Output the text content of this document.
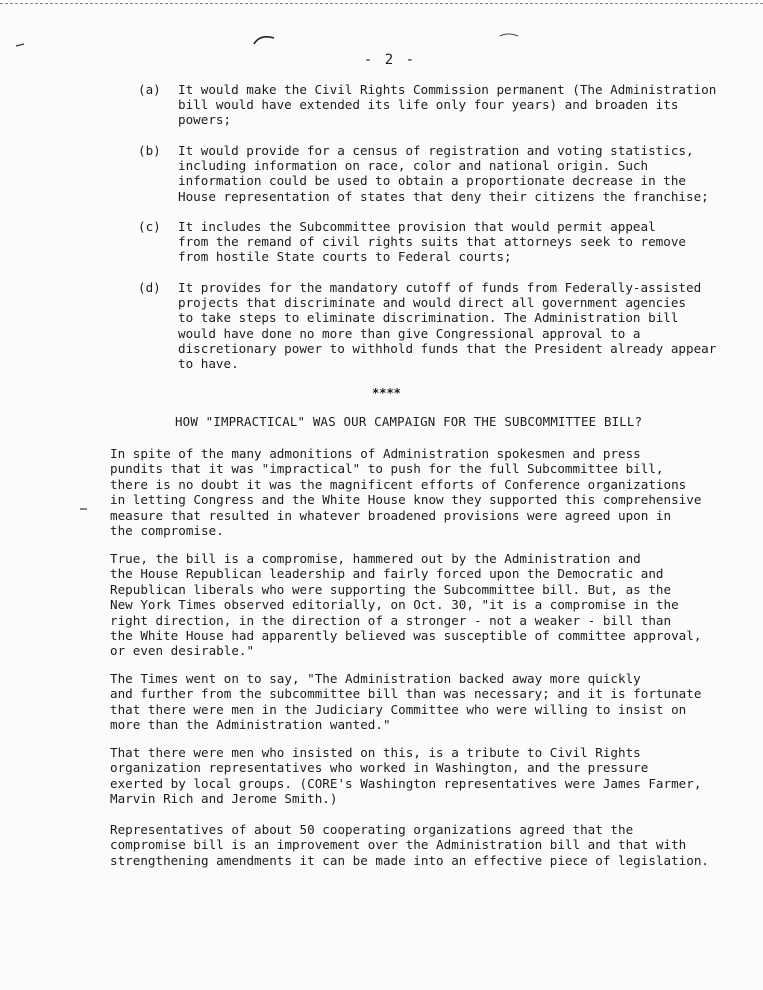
- 2 -
(a) It would make the Civil Rights Commission permanent (The Administration
bill would have extended its life only four years) and broaden its
powers;
(b) It would provide for a census of registration and voting statistics,
including information on race, color and national origin. Such
information could be used to obtain a proportionate decrease in the
House representation of states that deny their citizens the franchise;
(c) It includes the Subcommittee provision that would permit appeal
from the remand of civil rights suits that attorneys seek to remove
from hostile State courts to Federal courts;
(d) It provides for the mandatory cutoff of funds from Federally-assisted
projects that discriminate and would direct all government agencies
to take steps to eliminate discrimination. The Administration bill
would have done no more than give Congressional approval to a
discretionary power to withhold funds that the President already appear
to have.
****
HOW "IMPRACTICAL" WAS OUR CAMPAIGN FOR THE SUBCOMMITTEE BILL?
In spite of the many admonitions of Administration spokesmen and press
pundits that it was "impractical" to push for the full Subcommittee bill,
there is no doubt it was the magnificent efforts of Conference organizations
in letting Congress and the White House know they supported this comprehensive
measure that resulted in whatever broadened provisions were agreed upon in
the compromise.
True, the bill is a compromise, hammered out by the Administration and
the House Republican leadership and fairly forced upon the Democratic and
Republican liberals who were supporting the Subcommittee bill. But, as the
New York Times observed editorially, on Oct. 30, "it is a compromise in the
right direction, in the direction of a stronger - not a weaker - bill than
the White House had apparently believed was susceptible of committee approval,
or even desirable."
The Times went on to say, "The Administration backed away more quickly
and further from the subcommittee bill than was necessary; and it is fortunate
that there were men in the Judiciary Committee who were willing to insist on
more than the Administration wanted."
That there were men who insisted on this, is a tribute to Civil Rights
organization representatives who worked in Washington, and the pressure
exerted by local groups. (CORE's Washington representatives were James Farmer,
Marvin Rich and Jerome Smith.)
Representatives of about 50 cooperating organizations agreed that the
compromise bill is an improvement over the Administration bill and that with
strengthening amendments it can be made into an effective piece of legislation.
